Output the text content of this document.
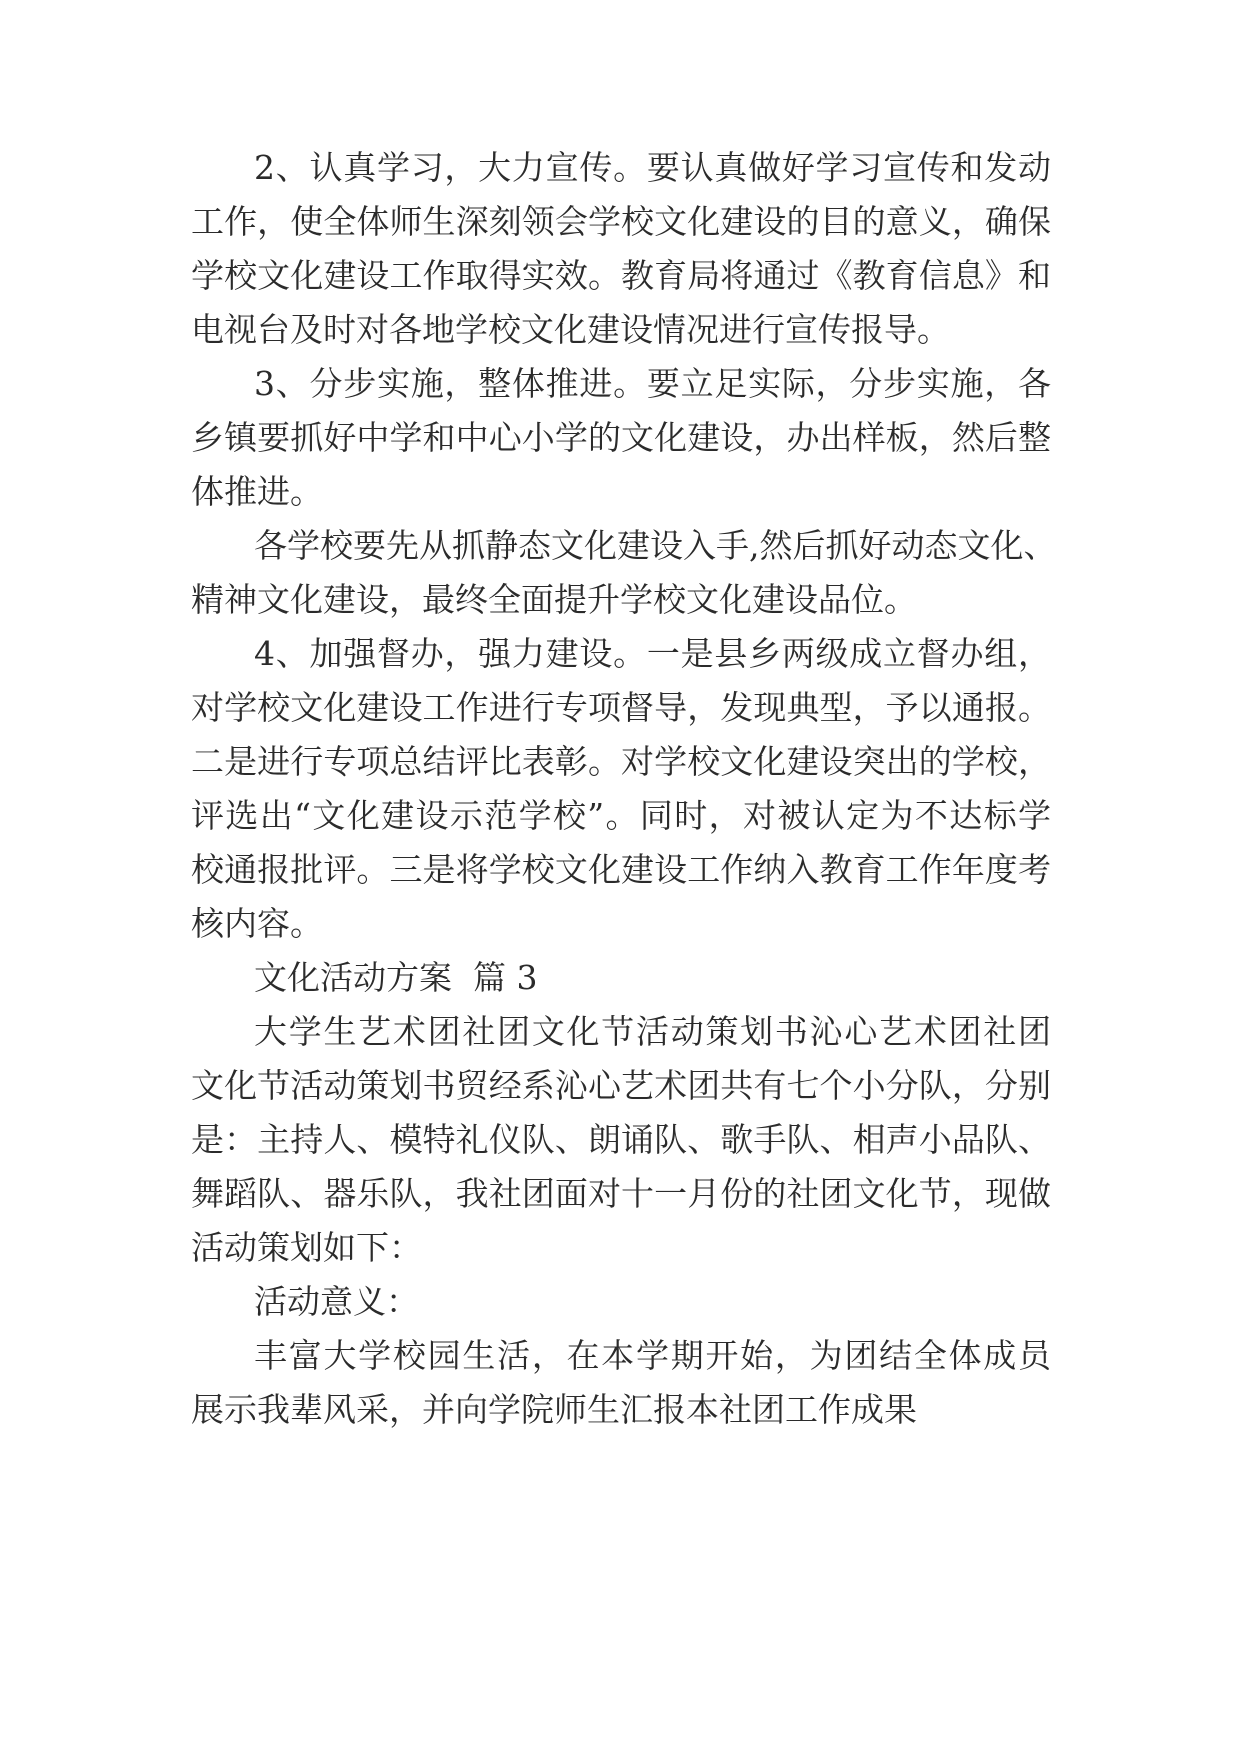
2、认真学习，大力宣传。要认真做好学习宣传和发动
工作，使全体师生深刻领会学校文化建设的目的意义，确保
学校文化建设工作取得实效。教育局将通过《教育信息》和
电视台及时对各地学校文化建设情况进行宣传报导。
3、分步实施，整体推进。要立足实际，分步实施，各
乡镇要抓好中学和中心小学的文化建设，办出样板，然后整
体推进。
各学校要先从抓静态文化建设入手,然后抓好动态文化、
精神文化建设，最终全面提升学校文化建设品位。
4、加强督办，强力建设。一是县乡两级成立督办组，
对学校文化建设工作进行专项督导，发现典型，予以通报。
二是进行专项总结评比表彰。对学校文化建设突出的学校，
评选出“文化建设示范学校”。同时，对被认定为不达标学
校通报批评。三是将学校文化建设工作纳入教育工作年度考
核内容。
文化活动方案  篇 3
大学生艺术团社团文化节活动策划书沁心艺术团社团
文化节活动策划书贸经系沁心艺术团共有七个小分队，分别
是：主持人、模特礼仪队、朗诵队、歌手队、相声小品队、
舞蹈队、器乐队，我社团面对十一月份的社团文化节，现做
活动策划如下：
活动意义：
丰富大学校园生活，在本学期开始，为团结全体成员
展示我辈风采，并向学院师生汇报本社团工作成果
